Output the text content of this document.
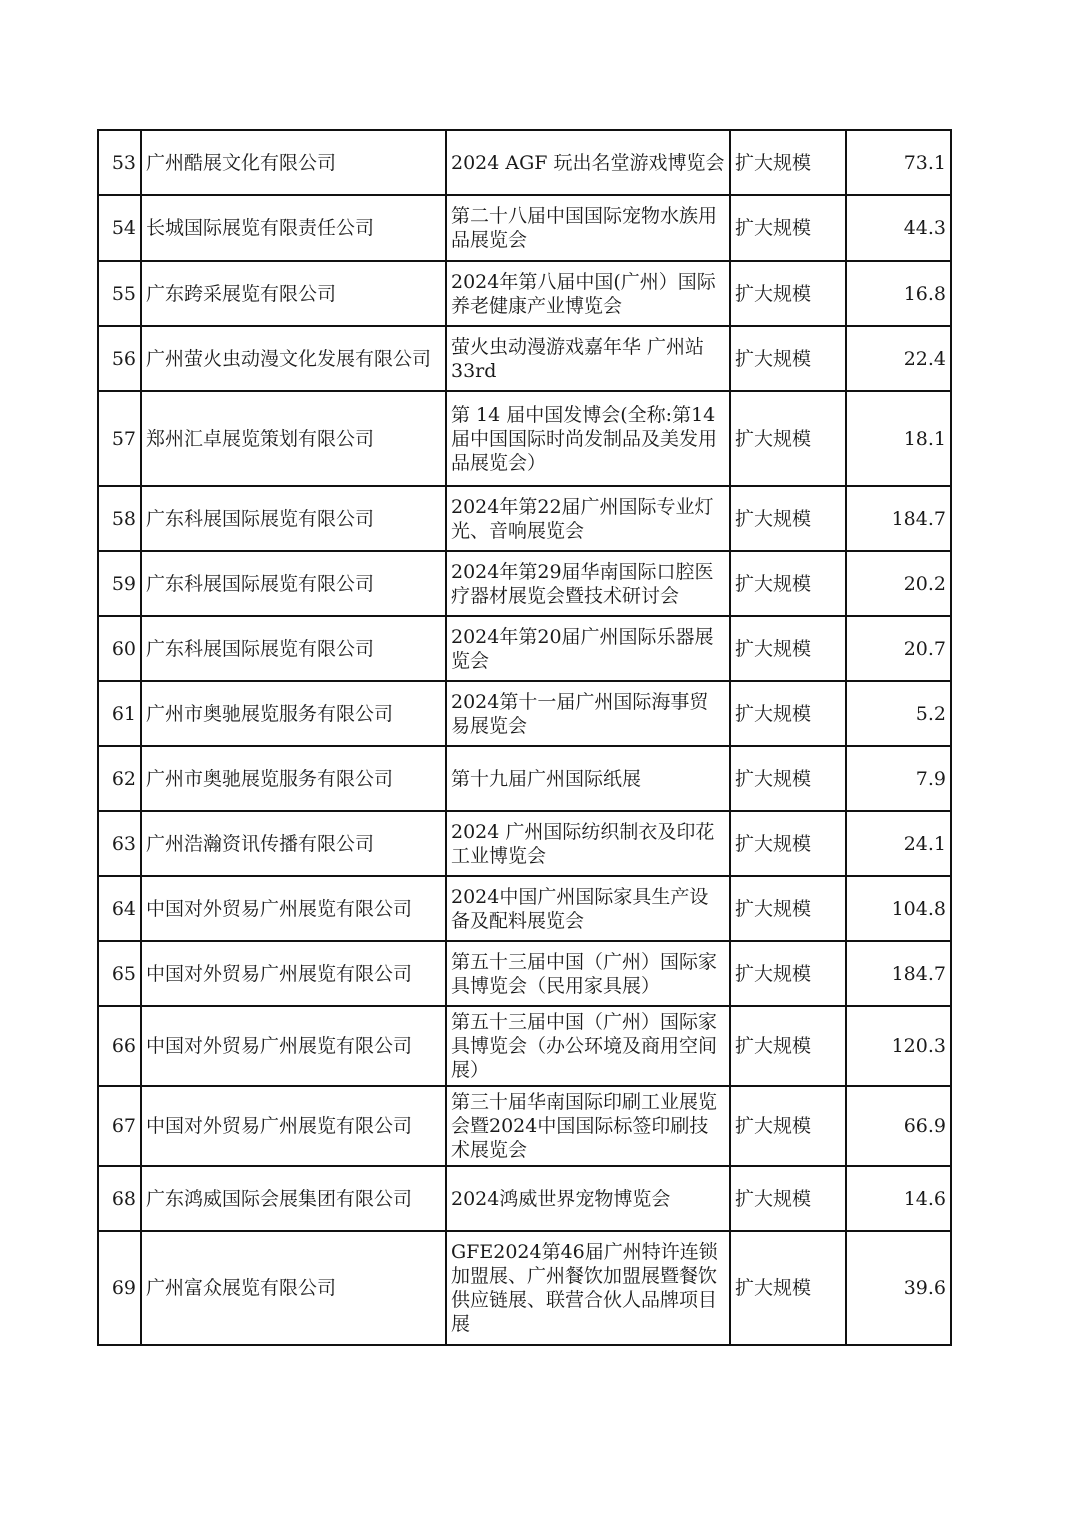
53	广州酷展文化有限公司	2024 AGF 玩出名堂游戏博览会	扩大规模	73.1
54	长城国际展览有限责任公司	第二十八届中国国际宠物水族用品展览会	扩大规模	44.3
55	广东跨采展览有限公司	2024年第八届中国(广州）国际养老健康产业博览会	扩大规模	16.8
56	广州萤火虫动漫文化发展有限公司	萤火虫动漫游戏嘉年华 广州站33rd	扩大规模	22.4
57	郑州汇卓展览策划有限公司	第 14 届中国发博会(全称:第14届中国国际时尚发制品及美发用品展览会）	扩大规模	18.1
58	广东科展国际展览有限公司	2024年第22届广州国际专业灯光、音响展览会	扩大规模	184.7
59	广东科展国际展览有限公司	2024年第29届华南国际口腔医疗器材展览会暨技术研讨会	扩大规模	20.2
60	广东科展国际展览有限公司	2024年第20届广州国际乐器展览会	扩大规模	20.7
61	广州市奥驰展览服务有限公司	2024第十一届广州国际海事贸易展览会	扩大规模	5.2
62	广州市奥驰展览服务有限公司	第十九届广州国际纸展	扩大规模	7.9
63	广州浩瀚资讯传播有限公司	2024 广州国际纺织制衣及印花工业博览会	扩大规模	24.1
64	中国对外贸易广州展览有限公司	2024中国广州国际家具生产设备及配料展览会	扩大规模	104.8
65	中国对外贸易广州展览有限公司	第五十三届中国（广州）国际家具博览会（民用家具展）	扩大规模	184.7
66	中国对外贸易广州展览有限公司	第五十三届中国（广州）国际家具博览会（办公环境及商用空间展）	扩大规模	120.3
67	中国对外贸易广州展览有限公司	第三十届华南国际印刷工业展览会暨2024中国国际标签印刷技术展览会	扩大规模	66.9
68	广东鸿威国际会展集团有限公司	2024鸿威世界宠物博览会	扩大规模	14.6
69	广州富众展览有限公司	GFE2024第46届广州特许连锁加盟展、广州餐饮加盟展暨餐饮供应链展、联营合伙人品牌项目展	扩大规模	39.6
